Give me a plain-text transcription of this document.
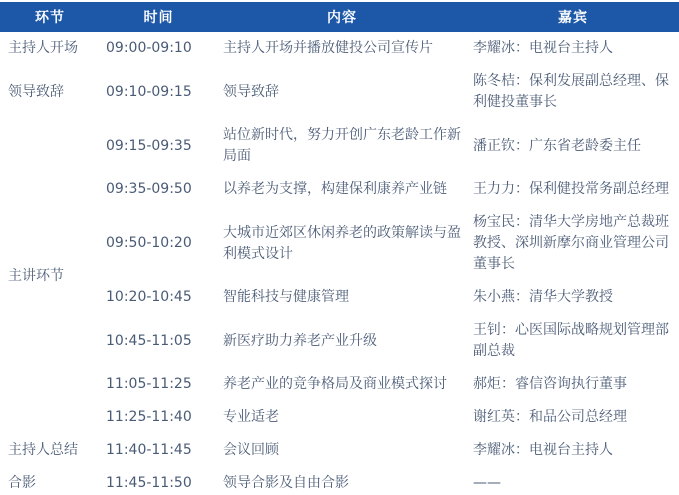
环节	时间	内容	嘉宾
主持人开场	09:00-09:10	主持人开场并播放健投公司宣传片	李耀冰：电视台主持人
领导致辞	09:10-09:15	领导致辞	陈冬桔：保利发展副总经理、保利健投董事长
主讲环节	09:15-09:35	站位新时代，努力开创广东老龄工作新局面	潘正钦：广东省老龄委主任
	09:35-09:50	以养老为支撑，构建保利康养产业链	王力力：保利健投常务副总经理
	09:50-10:20	大城市近郊区休闲养老的政策解读与盈利模式设计	杨宝民：清华大学房地产总裁班教授、深圳新摩尔商业管理公司董事长
	10:20-10:45	智能科技与健康管理	朱小燕：清华大学教授
	10:45-11:05	新医疗助力养老产业升级	王钊：心医国际战略规划管理部副总裁
	11:05-11:25	养老产业的竞争格局及商业模式探讨	郝炬：睿信咨询执行董事
	11:25-11:40	专业适老	谢红英：和品公司总经理
主持人总结	11:40-11:45	会议回顾	李耀冰：电视台主持人
合影	11:45-11:50	领导合影及自由合影	——
